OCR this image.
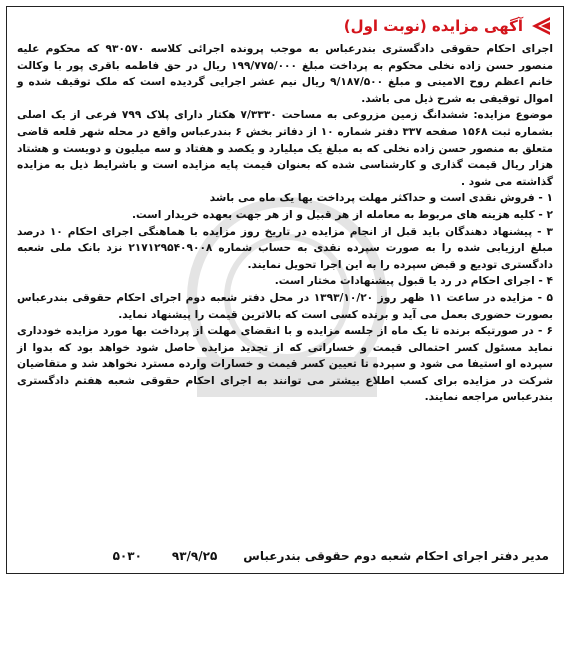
آگهی مزایده (نوبت اول)

اجرای احکام حقوقی دادگستری بندرعباس به موجب پرونده اجرائی کلاسه ۹۳۰۵۷۰ که محکوم علیه منصور حسن زاده نخلی محکوم به پرداخت مبلغ ۱۹۹/۷۷۵/۰۰۰ ریال در حق فاطمه باقری پور با وکالت خانم اعظم روح الامینی و مبلغ ۹/۱۸۷/۵۰۰ ریال نیم عشر اجرایی گردیده است که ملک توقیف شده و اموال توقیفی به شرح ذیل می باشد.

موضوع مزایده: ششدانگ زمین مزروعی به مساحت ۷/۳۳۳۰ هکتار دارای پلاک ۷۹۹ فرعی از یک اصلی بشماره ثبت ۱۵۶۸ صفحه ۳۳۷ دفتر شماره ۱۰ از دفاتر بخش ۶ بندرعباس واقع در محله شهر قلعه قاضی متعلق به منصور حسن زاده نخلی که به مبلغ یک میلیارد و یکصد و هفتاد و سه میلیون و دویست و هشتاد هزار ریال قیمت گذاری و کارشناسی شده که بعنوان قیمت پایه مزایده است و باشرایط ذیل به مزایده گذاشته می شود .

۱ - فروش نقدی است و حداکثر مهلت پرداخت بها یک ماه می باشد

۲ - کلیه هزینه های مربوط به معامله از هر قبیل و از هر جهت بعهده خریدار است.

۳ - پیشنهاد دهندگان باید قبل از انجام مزایده در تاریخ روز مزایده با هماهنگی اجرای احکام ۱۰ درصد مبلغ ارزیابی شده را به صورت سپرده نقدی به حساب شماره ۲۱۷۱۲۹۵۴۰۹۰۰۸ نزد بانک ملی شعبه دادگستری تودیع و قبض سپرده را به این اجرا تحویل نمایند.

۴ - اجرای احکام در رد یا قبول پیشنهادات مختار است.

۵ - مزایده در ساعت ۱۱ ظهر روز ۱۳۹۳/۱۰/۲۰ در محل دفتر شعبه دوم اجرای احکام حقوقی بندرعباس بصورت حضوری بعمل می آید و برنده کسی است که بالاترین قیمت را پیشنهاد نماید.

۶ - در صورتیکه برنده تا یک ماه از جلسه مزایده و با انقضای مهلت از پرداخت بها مورد مزایده خودداری نماید مسئول کسر احتمالی قیمت و خساراتی که از تجدید مزایده حاصل شود خواهد بود که بدوا از سپرده او استیفا می شود و سپرده تا تعیین کسر قیمت و خسارات وارده مسترد نخواهد شد و متقاضیان شرکت در مزایده برای کسب اطلاع بیشتر می توانند به اجرای احکام حقوقی شعبه هفتم دادگستری بندرعباس مراجعه نمایند.

مدیر دفتر اجرای احکام شعبه دوم حقوقی بندرعباس
۹۳/۹/۲۵
۵۰۳۰
